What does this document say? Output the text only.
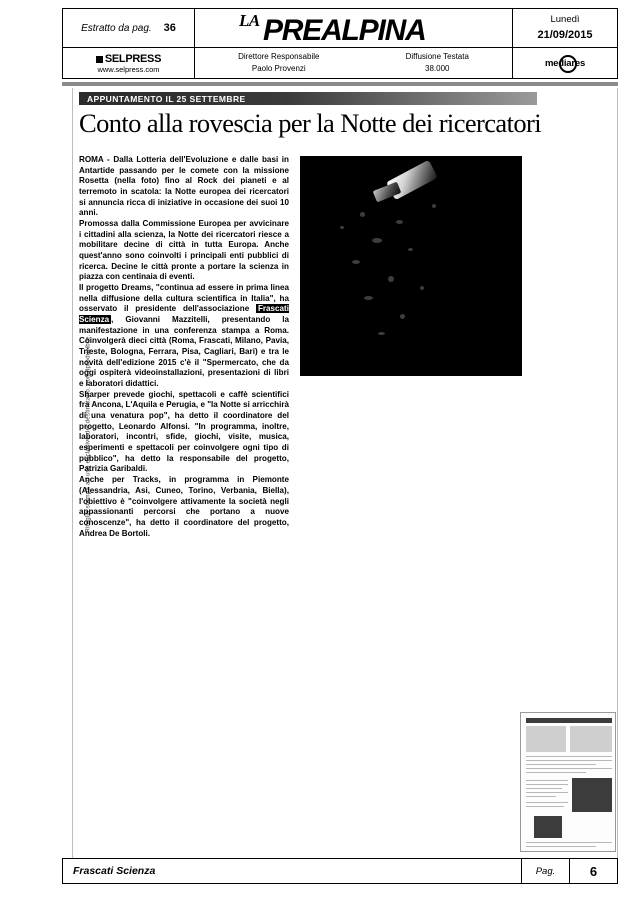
Ritaglio stampa ad uso esclusivo del destinatario, non riproducibile.
Estratto da pag. 36	LA PREALPINA	Lunedì
21/09/2015
SELPRESS
www.selpress.com
Direttore Responsabile
Paolo Provenzi
Diffusione Testata
38.000	mediares
APPUNTAMENTO IL 25 SETTEMBRE
Conto alla rovescia per la Notte dei ricercatori

ROMA - Dalla Lotteria dell'Evoluzione e dalle basi in Antartide passando per le comete con la missione Rosetta (nella foto) fino al Rock dei pianeti e al terremoto in scatola: la Notte europea dei ricercatori si annuncia ricca di iniziative in occasione dei suoi 10 anni.

Promossa dalla Commissione Europea per avvicinare i cittadini alla scienza, la Notte dei ricercatori riesce a mobilitare decine di città in tutta Europa. Anche quest'anno sono coinvolti i principali enti pubblici di ricerca. Decine le città pronte a portare la scienza in piazza con centinaia di eventi.

Il progetto Dreams, "continua ad essere in prima linea nella diffusione della cultura scientifica in Italia", ha osservato il presidente dell'associazione Frascati Scienza , Giovanni Mazzitelli, presentando la manifestazione in una conferenza stampa a Roma. Coinvolgerà dieci città (Roma, Frascati, Milano, Pavia, Trieste, Bologna, Ferrara, Pisa, Cagliari, Bari) e tra le novità dell'edizione 2015 c'è il "Spermercato, che da oggi ospiterà videoinstallazioni, presentazioni di libri e laboratori didattici.

Sharper prevede giochi, spettacoli e caffè scientifici fra Ancona, L'Aquila e Perugia, e "la Notte si arricchirà di una venatura pop", ha detto il coordinatore del progetto, Leonardo Alfonsi. "In programma, inoltre, laboratori, incontri, sfide, giochi, visite, musica, esperimenti e spettacoli per coinvolgere ogni tipo di pubblico", ha detto la responsabile del progetto, Patrizia Garibaldi.

Anche per Tracks, in programma in Piemonte (Alessandria, Asi, Cuneo, Torino, Verbania, Biella), l'obiettivo è "coinvolgere attivamente la società negli appassionanti percorsi che portano a nuove conoscenze", ha detto il coordinatore del progetto, Andrea De Bortoli.

Frascati Scienza	Pag.	6
